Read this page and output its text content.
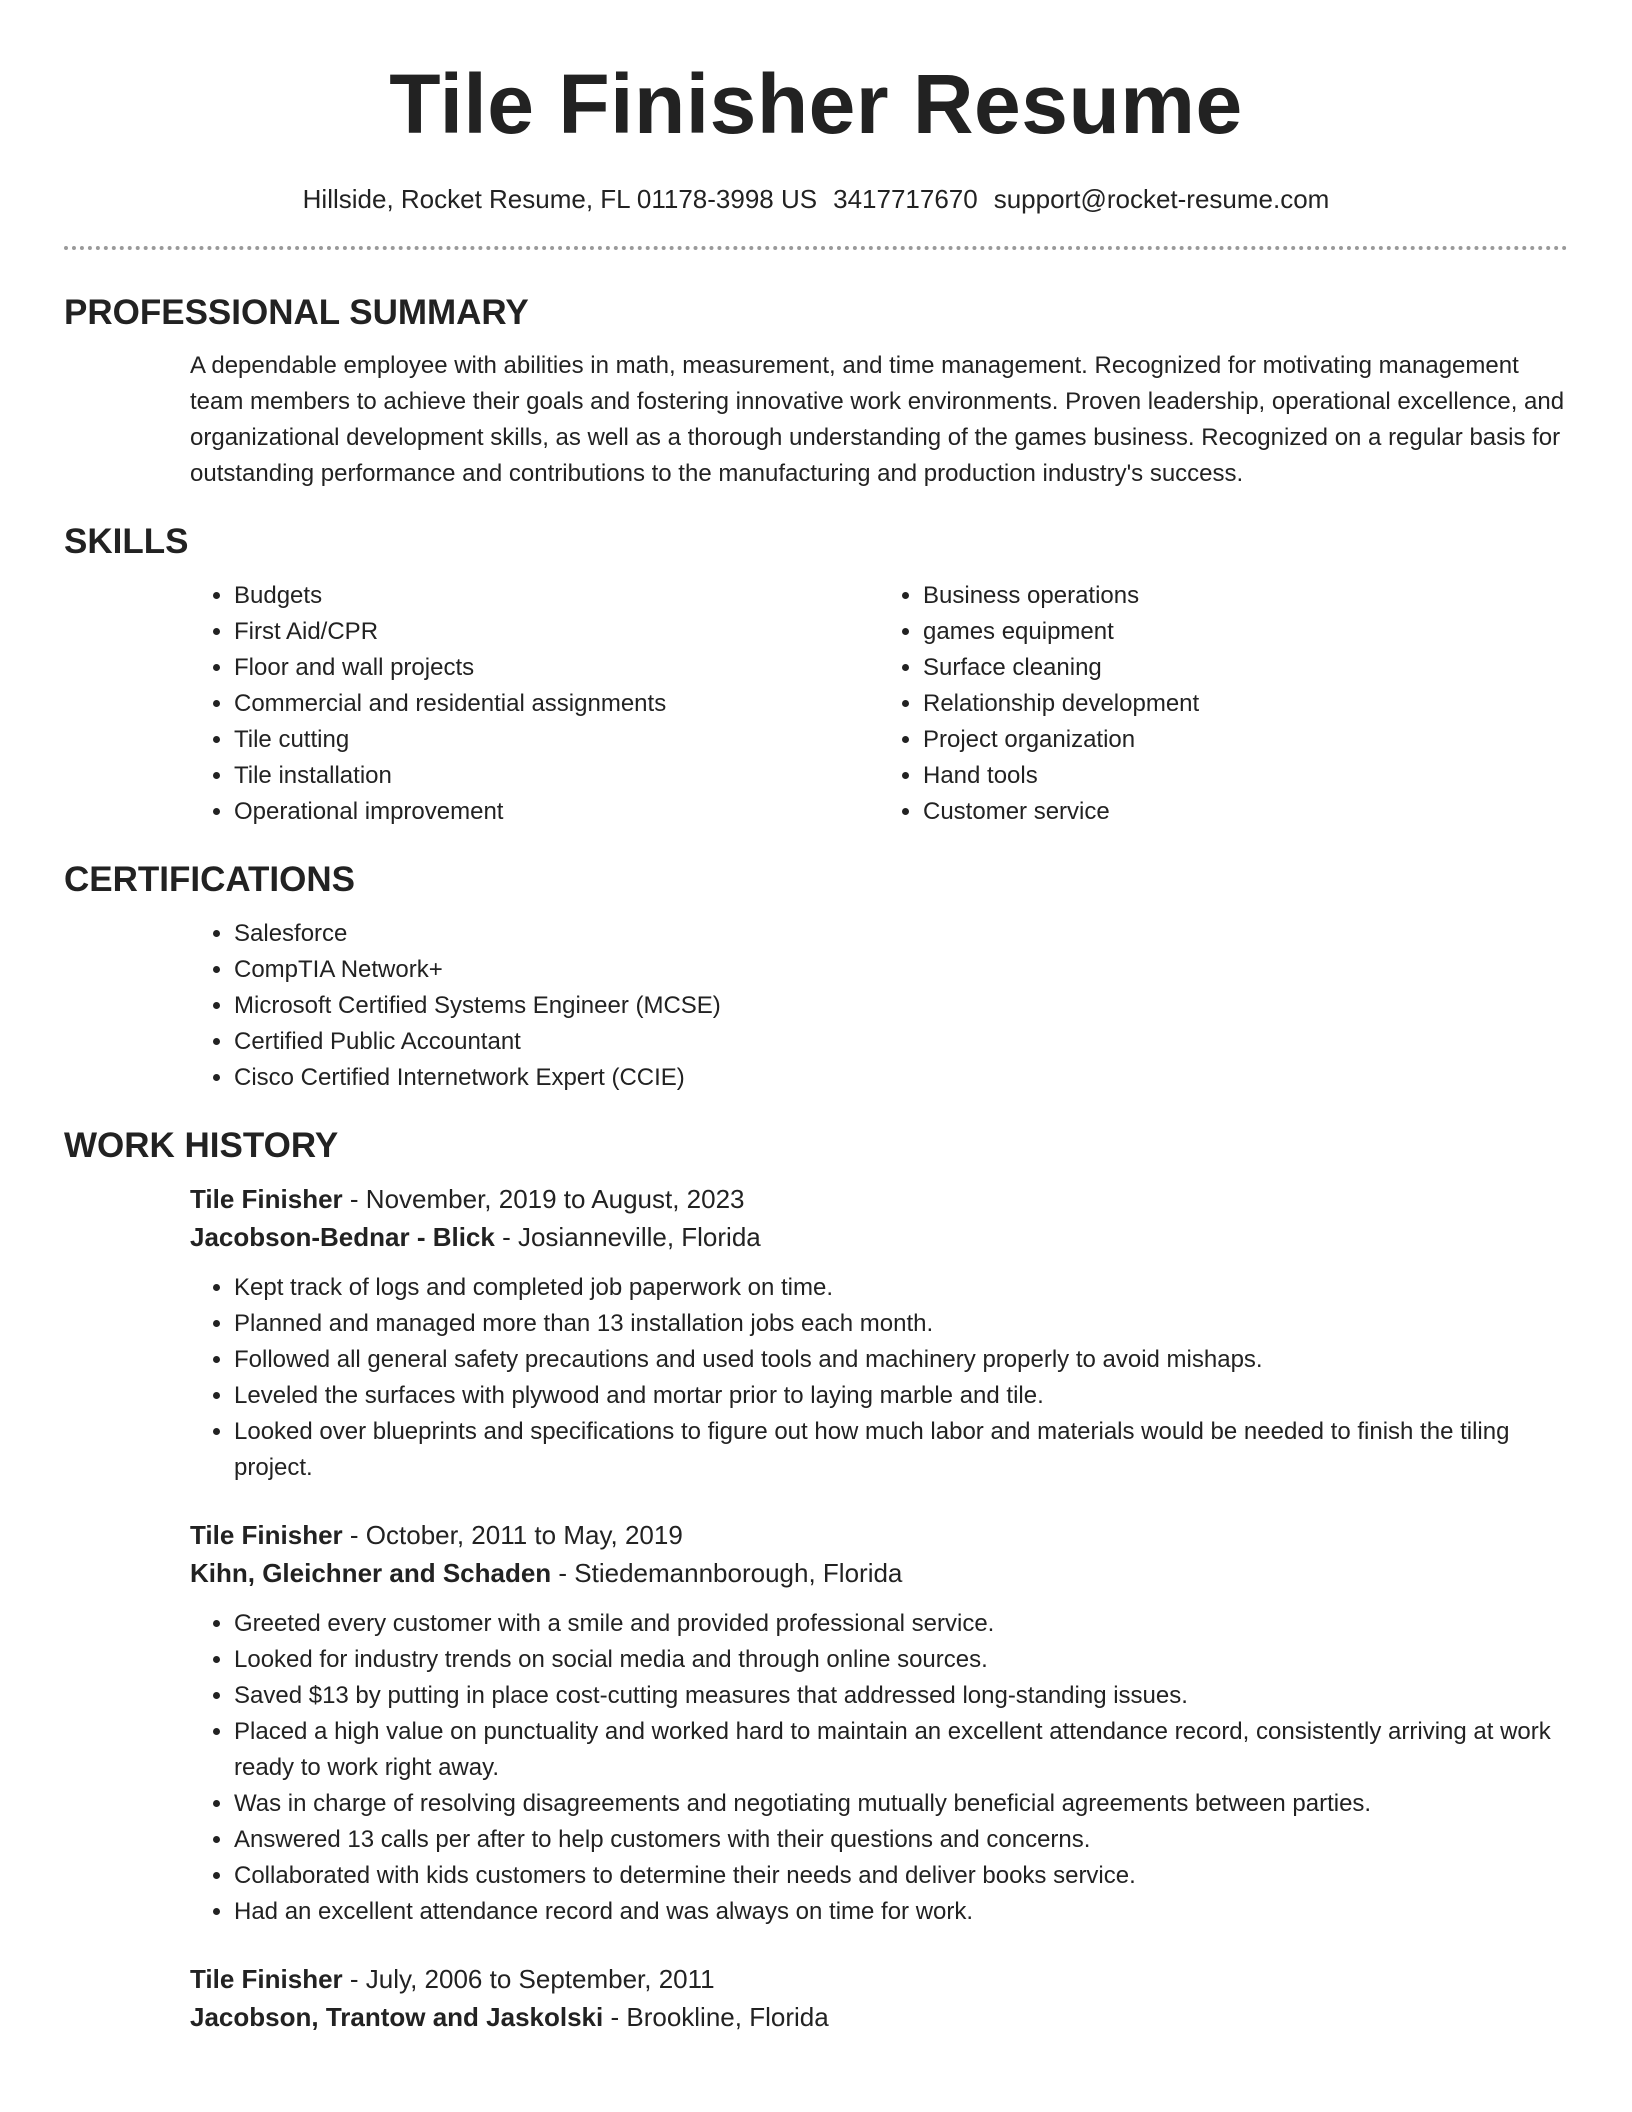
Tile Finisher Resume
Hillside, Rocket Resume, FL 01178-3998 US 3417717670 support@rocket-resume.com
PROFESSIONAL SUMMARY
A dependable employee with abilities in math, measurement, and time management. Recognized for motivating management team members to achieve their goals and fostering innovative work environments. Proven leadership, operational excellence, and organizational development skills, as well as a thorough understanding of the games business. Recognized on a regular basis for outstanding performance and contributions to the manufacturing and production industry's success.
SKILLS
• Budgets
• First Aid/CPR
• Floor and wall projects
• Commercial and residential assignments
• Tile cutting
• Tile installation
• Operational improvement
• Business operations
• games equipment
• Surface cleaning
• Relationship development
• Project organization
• Hand tools
• Customer service
CERTIFICATIONS
• Salesforce
• CompTIA Network+
• Microsoft Certified Systems Engineer (MCSE)
• Certified Public Accountant
• Cisco Certified Internetwork Expert (CCIE)
WORK HISTORY
Tile Finisher - November, 2019 to August, 2023
Jacobson-Bednar - Blick - Josianneville, Florida
• Kept track of logs and completed job paperwork on time.
• Planned and managed more than 13 installation jobs each month.
• Followed all general safety precautions and used tools and machinery properly to avoid mishaps.
• Leveled the surfaces with plywood and mortar prior to laying marble and tile.
• Looked over blueprints and specifications to figure out how much labor and materials would be needed to finish the tiling project.
Tile Finisher - October, 2011 to May, 2019
Kihn, Gleichner and Schaden - Stiedemannborough, Florida
• Greeted every customer with a smile and provided professional service.
• Looked for industry trends on social media and through online sources.
• Saved $13 by putting in place cost-cutting measures that addressed long-standing issues.
• Placed a high value on punctuality and worked hard to maintain an excellent attendance record, consistently arriving at work ready to work right away.
• Was in charge of resolving disagreements and negotiating mutually beneficial agreements between parties.
• Answered 13 calls per after to help customers with their questions and concerns.
• Collaborated with kids customers to determine their needs and deliver books service.
• Had an excellent attendance record and was always on time for work.
Tile Finisher - July, 2006 to September, 2011
Jacobson, Trantow and Jaskolski - Brookline, Florida
